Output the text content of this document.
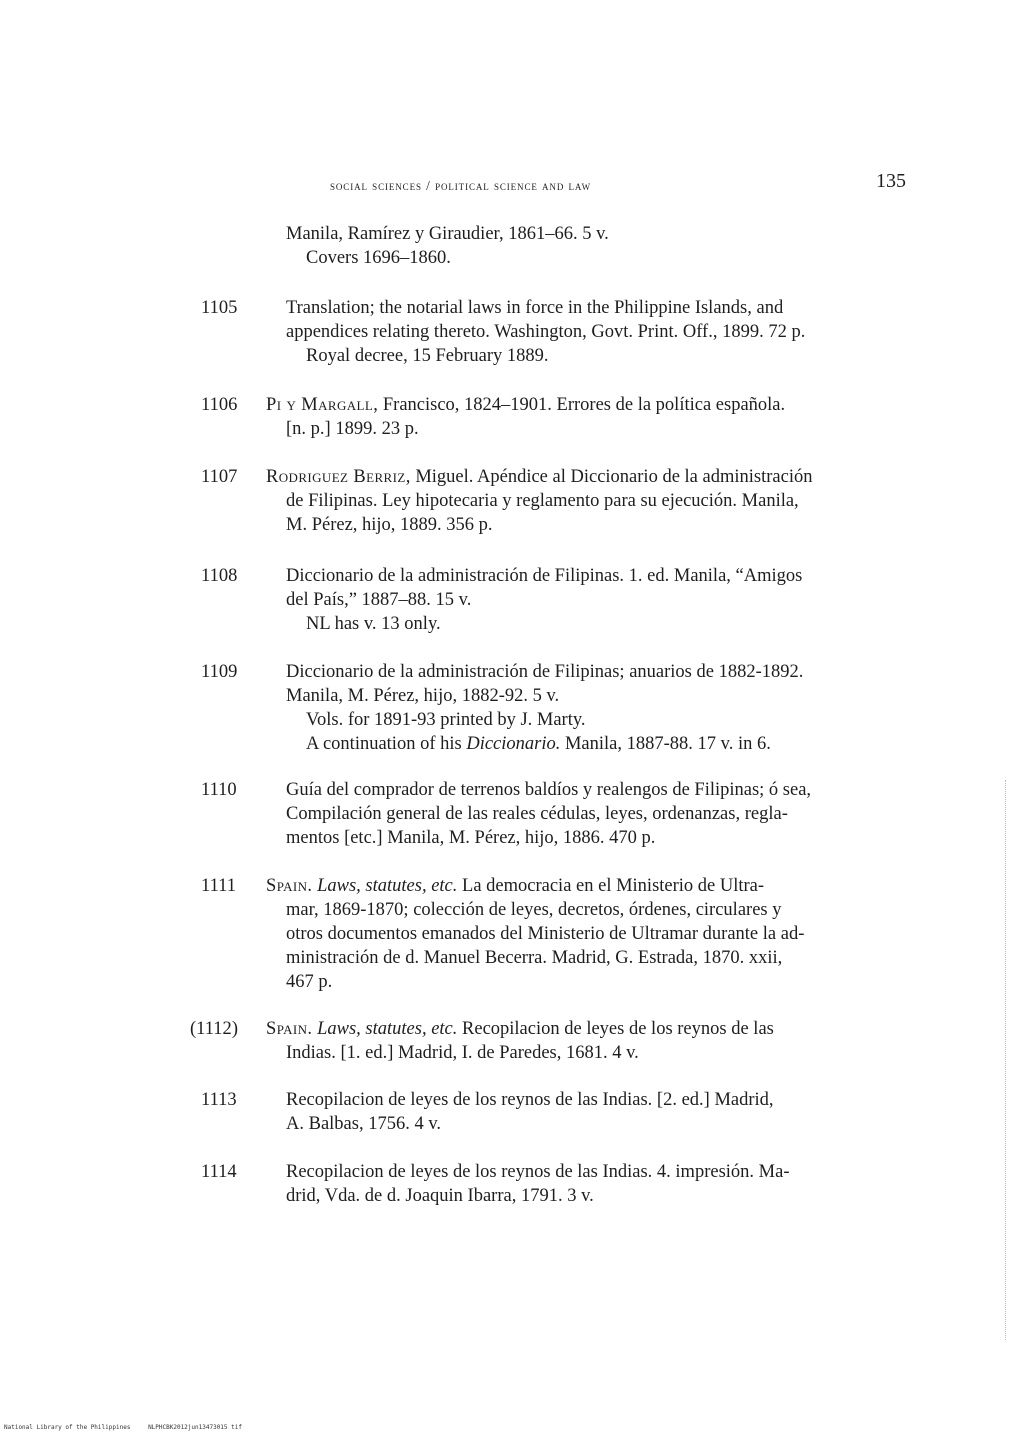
social sciences / political science and law	135
Manila, Ramírez y Giraudier, 1861–66. 5 v.
Covers 1696–1860.
1105	Translation; the notarial laws in force in the Philippine Islands, and
appendices relating thereto. Washington, Govt. Print. Off., 1899. 72 p.
Royal decree, 15 February 1889.
1106 Pi y Margall, Francisco, 1824–1901. Errores de la política española.
[n. p.] 1899. 23 p.
1107 Rodriguez Berriz, Miguel. Apéndice al Diccionario de la administración
de Filipinas. Ley hipotecaria y reglamento para su ejecución. Manila,
M. Pérez, hijo, 1889. 356 p.
1108	Diccionario de la administración de Filipinas. 1. ed. Manila, “Amigos
del País,” 1887–88. 15 v.
NL has v. 13 only.
1109	Diccionario de la administración de Filipinas; anuarios de 1882-1892.
Manila, M. Pérez, hijo, 1882-92. 5 v.
Vols. for 1891-93 printed by J. Marty.
A continuation of his Diccionario. Manila, 1887-88. 17 v. in 6.
1110	Guía del comprador de terrenos baldíos y realengos de Filipinas; ó sea,
Compilación general de las reales cédulas, leyes, ordenanzas, regla-
mentos [etc.] Manila, M. Pérez, hijo, 1886. 470 p.
1111 Spain. Laws, statutes, etc. La democracia en el Ministerio de Ultra-
mar, 1869-1870; colección de leyes, decretos, órdenes, circulares y
otros documentos emanados del Ministerio de Ultramar durante la ad-
ministración de d. Manuel Becerra. Madrid, G. Estrada, 1870. xxii,
467 p.
(1112) Spain. Laws, statutes, etc. Recopilacion de leyes de los reynos de las
Indias. [1. ed.] Madrid, I. de Paredes, 1681. 4 v.
1113	Recopilacion de leyes de los reynos de las Indias. [2. ed.] Madrid,
A. Balbas, 1756. 4 v.
1114	Recopilacion de leyes de los reynos de las Indias. 4. impresión. Ma-
drid, Vda. de d. Joaquin Ibarra, 1791. 3 v.
National Library of the Philippines	NLPHCBK2012jun13473015 tif
